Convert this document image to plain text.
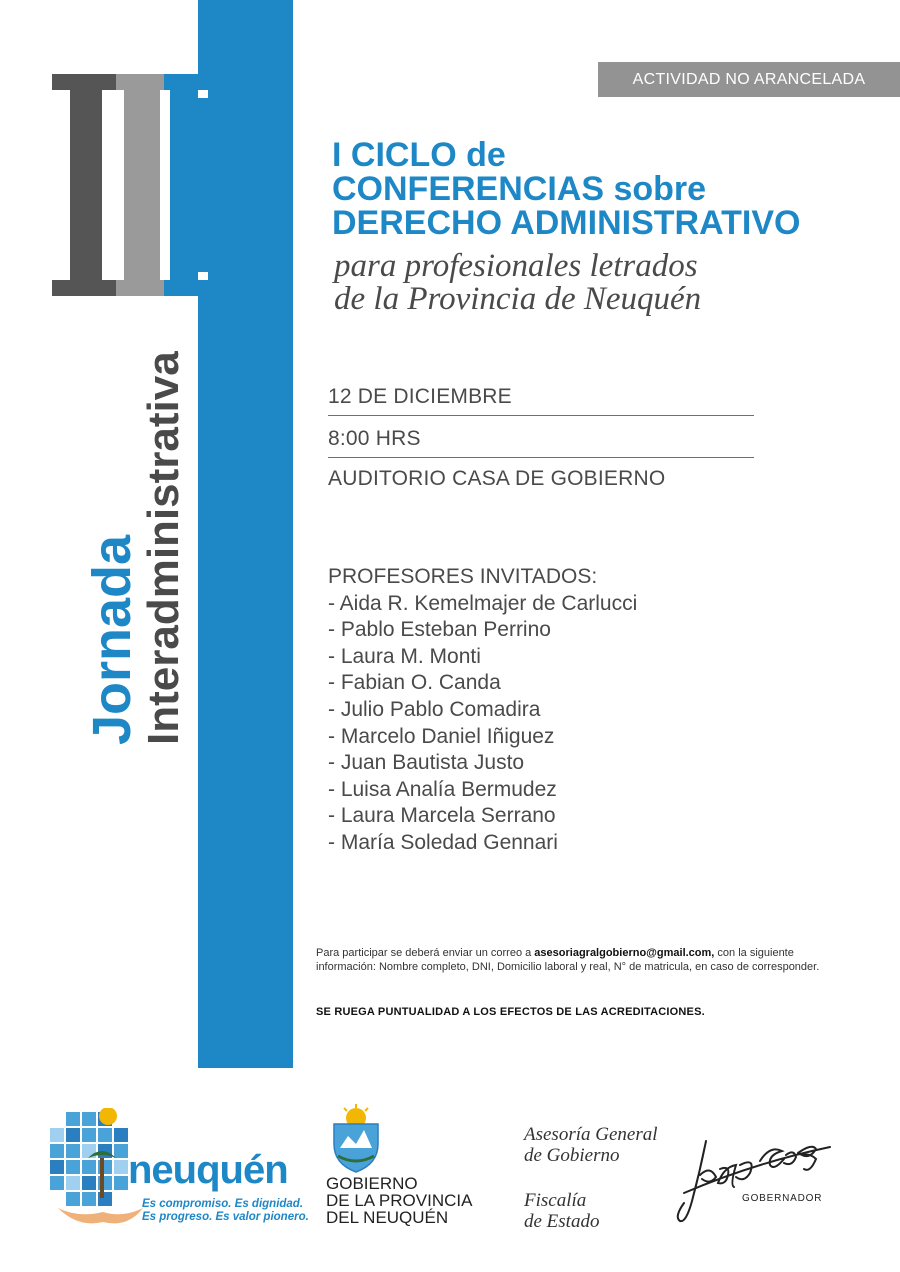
Jornada
Interadministrativa
ACTIVIDAD NO ARANCELADA
I CICLO de
CONFERENCIAS sobre
DERECHO ADMINISTRATIVO
para profesionales letrados
de la Provincia de Neuquén
12 DE DICIEMBRE
8:00 HRS
AUDITORIO CASA DE GOBIERNO
PROFESORES INVITADOS:
- Aida R. Kemelmajer de Carlucci
- Pablo Esteban Perrino
- Laura M. Monti
- Fabian O. Canda
- Julio Pablo Comadira
- Marcelo Daniel Iñiguez
- Juan Bautista Justo
- Luisa Analía Bermudez
- Laura Marcela Serrano
- María Soledad Gennari
Para participar se deberá enviar un correo a asesoriagralgobierno@gmail.com, con la siguiente información: Nombre completo, DNI, Domicilio laboral y real, N° de matricula, en caso de corresponder.
SE RUEGA PUNTUALIDAD A LOS EFECTOS DE LAS ACREDITACIONES.
neuquén
Es compromiso. Es dignidad.
Es progreso. Es valor pionero.
GOBIERNO
DE LA PROVINCIA
DEL NEUQUÉN
Asesoría General
de Gobierno
Fiscalía
de Estado
GOBERNADOR
